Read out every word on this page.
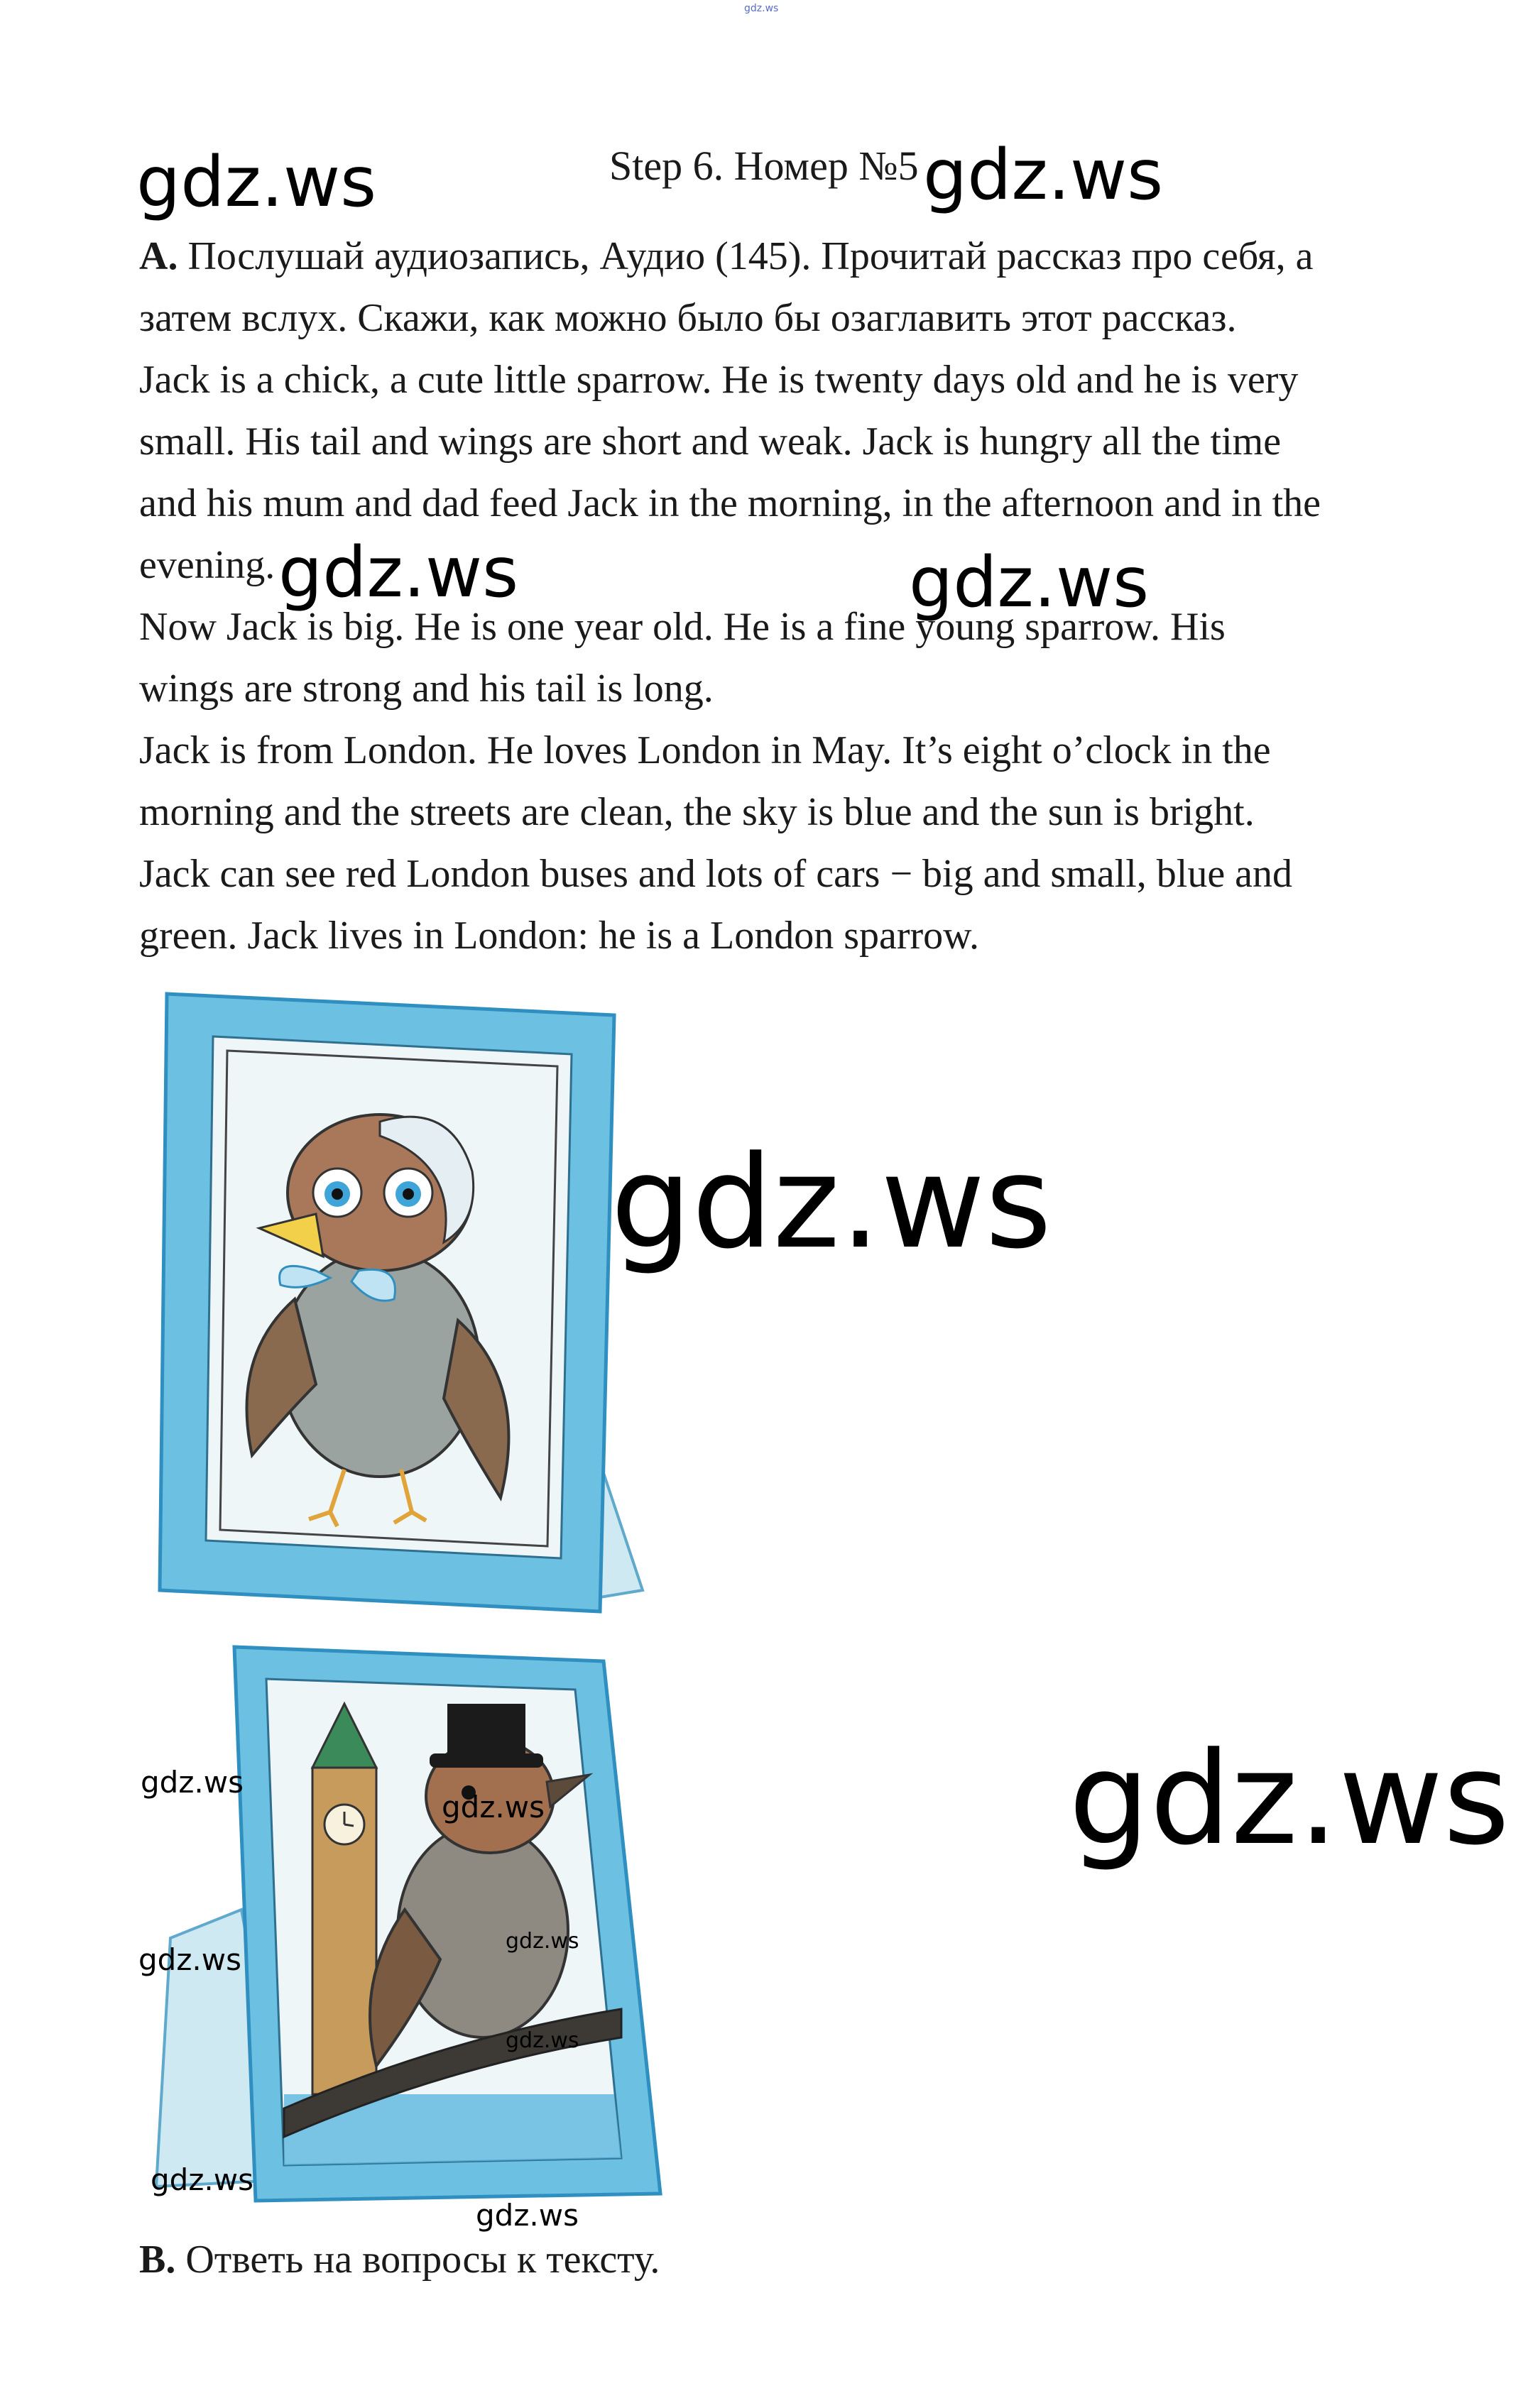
gdz.ws
Step 6. Номер №5
A. Послушай аудиозапись, Аудио (145). Прочитай рассказ про себя, а
затем вслух. Скажи, как можно было бы озаглавить этот рассказ.
Jack is a chick, a cute little sparrow. He is twenty days old and he is very
small. His tail and wings are short and weak. Jack is hungry all the time
and his mum and dad feed Jack in the morning, in the afternoon and in the
evening.
Now Jack is big. He is one year old. He is a fine young sparrow. His
wings are strong and his tail is long.
Jack is from London. He loves London in May. It’s eight o’clock in the
morning and the streets are clean, the sky is blue and the sun is bright.
Jack can see red London buses and lots of cars − big and small, blue and
green. Jack lives in London: he is a London sparrow.
B. Ответь на вопросы к тексту.
gdz.ws	gdz.ws
gdz.ws	gdz.ws
gdz.ws
gdz.ws
gdz.ws
gdz.ws
gdz.ws
gdz.ws
gdz.ws
gdz.ws
gdz.ws
